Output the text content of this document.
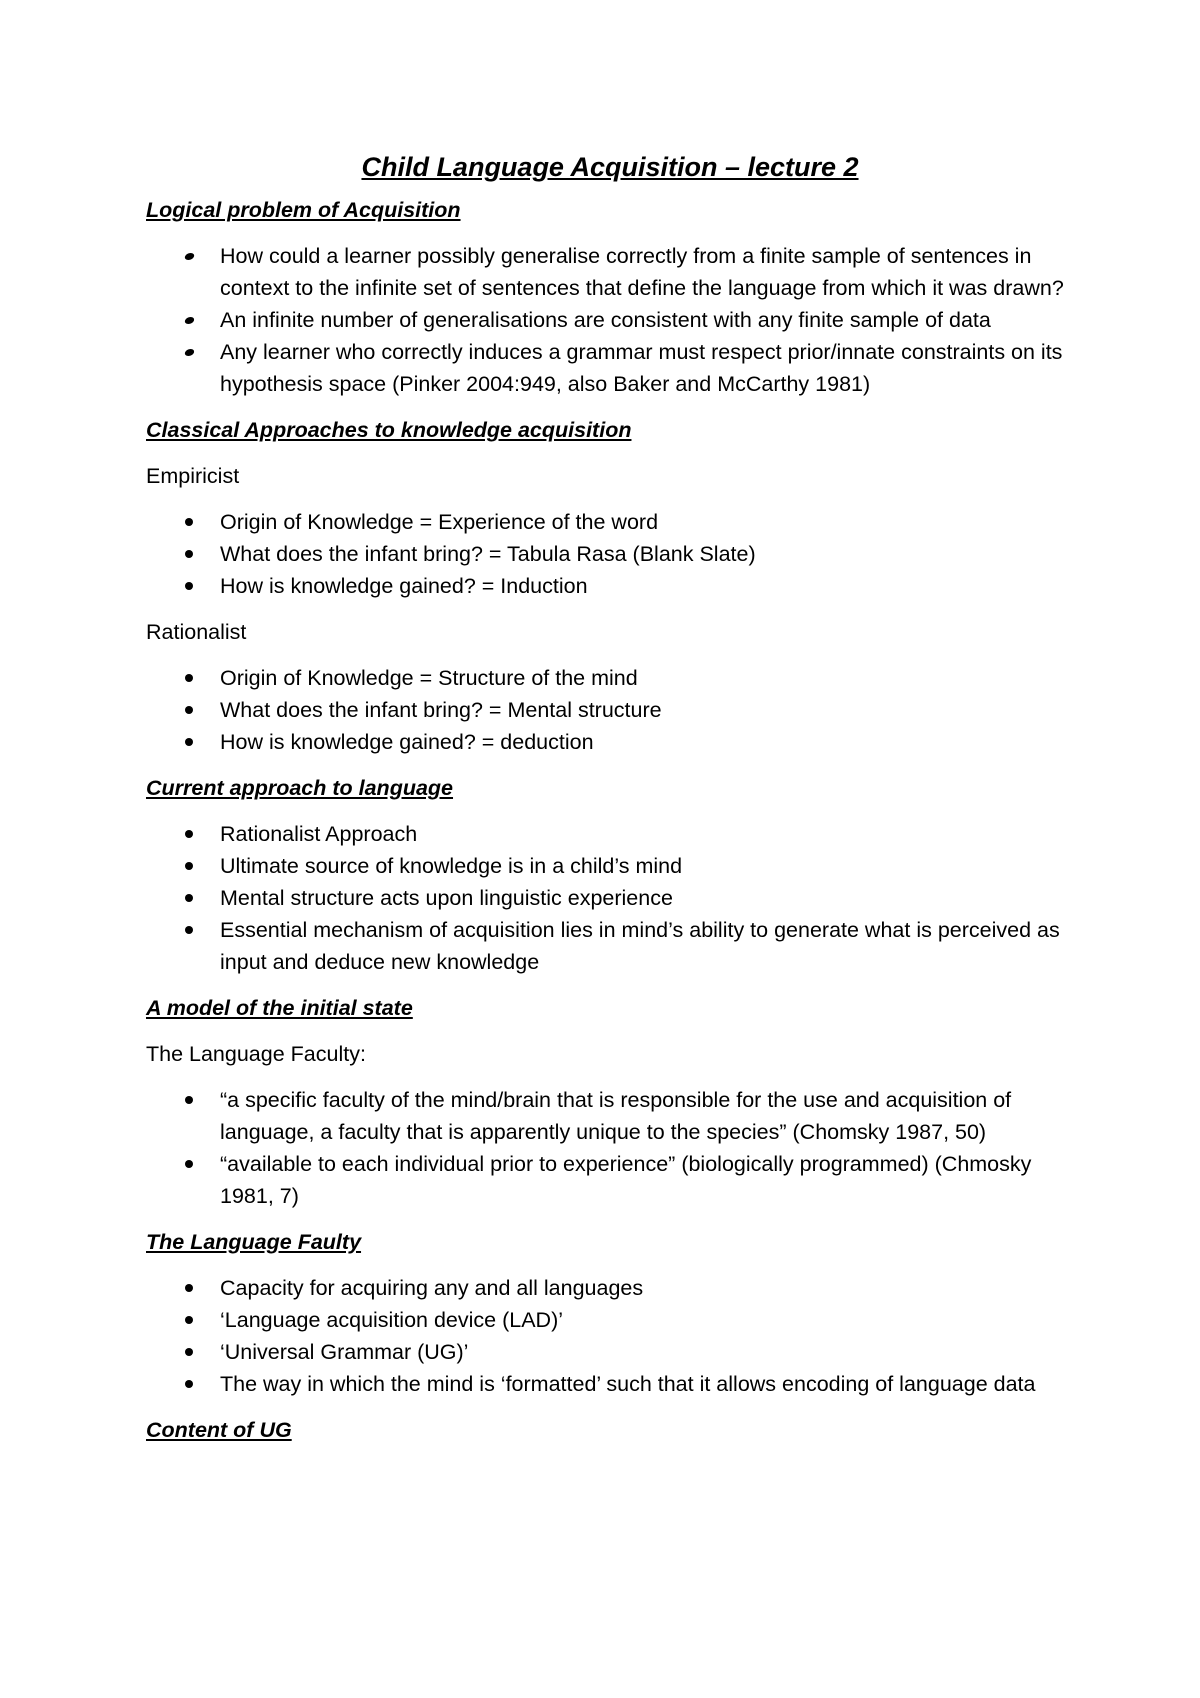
Child Language Acquisition – lecture 2
Logical problem of Acquisition
How could a learner possibly generalise correctly from a finite sample of sentences in context to the infinite set of sentences that define the language from which it was drawn?
An infinite number of generalisations are consistent with any finite sample of data
Any learner who correctly induces a grammar must respect prior/innate constraints on its hypothesis space (Pinker 2004:949, also Baker and McCarthy 1981)
Classical Approaches to knowledge acquisition
Empiricist
Origin of Knowledge = Experience of the word
What does the infant bring? = Tabula Rasa (Blank Slate)
How is knowledge gained? = Induction
Rationalist
Origin of Knowledge = Structure of the mind
What does the infant bring? = Mental structure
How is knowledge gained? = deduction
Current approach to language
Rationalist Approach
Ultimate source of knowledge is in a child’s mind
Mental structure acts upon linguistic experience
Essential mechanism of acquisition lies in mind’s ability to generate what is perceived as input and deduce new knowledge
A model of the initial state
The Language Faculty:
“a specific faculty of the mind/brain that is responsible for the use and acquisition of language, a faculty that is apparently unique to the species” (Chomsky 1987, 50)
“available to each individual prior to experience” (biologically programmed) (Chmosky 1981, 7)
The Language Faulty
Capacity for acquiring any and all languages
‘Language acquisition device (LAD)’
‘Universal Grammar (UG)’
The way in which the mind is ‘formatted’ such that it allows encoding of language data
Content of UG
